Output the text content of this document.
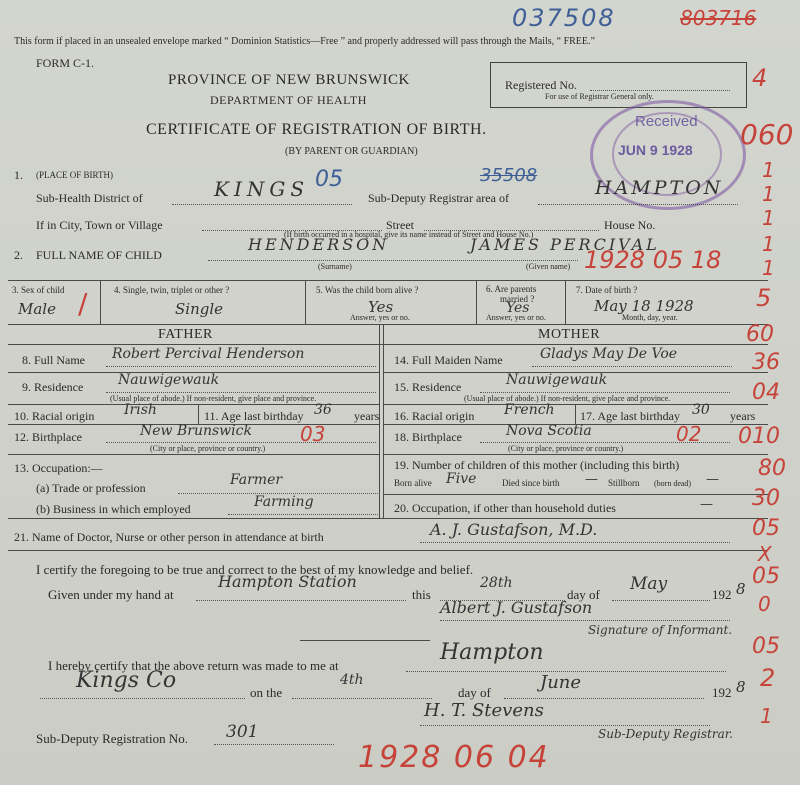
037508	803716
This form if placed in an unsealed envelope marked “ Dominion Statistics—Free ” and properly addressed will pass through the Mails, “ FREE.”
FORM C-1.
PROVINCE OF NEW BRUNSWICK
DEPARTMENT OF HEALTH
CERTIFICATE OF REGISTRATION OF BIRTH.
(BY PARENT OR GUARDIAN)
Registered No.
For use of Registrar General only.
Received
JUN 9 1928
1. (PLACE OF BIRTH)
Sub-Health District of	KINGS 05	35508
Sub-Deputy Registrar area of	HAMPTON
If in City, Town or Village	Street	House No.
(If birth occurred in a hospital, give its name instead of Street and House No.)
2. FULL NAME OF CHILD
HENDERSON	JAMES PERCIVAL
(Surname)	(Given name) 1928 05 18
3. Sex of child
Male /	4. Single, twin, triplet or other ?
Single
5. Was the child born alive ?
Yes
Answer, yes or no.
6. Are parents
married ?
Yes
Answer, yes or no.
7. Date of birth ?
May 18 1928
Month, day, year.
FATHER	MOTHER
8. Full Name Robert Percival Henderson
9. Residence Nauwigewauk
(Usual place of abode.) If non-resident, give place and province.
10. Racial origin Irish	11. Age last birthday 36 years
12. Birthplace	New Brunswick 03
(City or place, province or country.)
13. Occupation:—
(a) Trade or profession	Farmer
(b) Business in which employed	Farming
14. Full Maiden Name	Gladys May De Voe
15. Residence	Nauwigewauk
(Usual place of abode.) If non-resident, give place and province.
16. Racial origin French 17. Age last birthday 30 years
18. Birthplace	Nova Scotia	02
(City or place, province or country.)
19. Number of children of this mother (including this birth)
Born alive Five	Died since birth — Stillborn (born dead) —
20. Occupation, if other than household duties	—
21. Name of Doctor, Nurse or other person in attendance at birth	A. J. Gustafson, M.D.
I certify the foregoing to be true and correct to the best of my knowledge and belief.
Given under my hand at
Hampton Station
this
28th
day of
May
192 8
Albert J. Gustafson
Signature of Informant.
I hereby certify that the above return was made to me at
Hampton
Kings Co	on the
4th
day of	June	192 8
H. T. Stevens
Sub-Deputy Registration No. 301	Sub-Deputy Registrar.
1928 06 04
4
060
1
1
1
1
1
5
60
36
04
010
80
30
05
X
05
0
05
2
1
